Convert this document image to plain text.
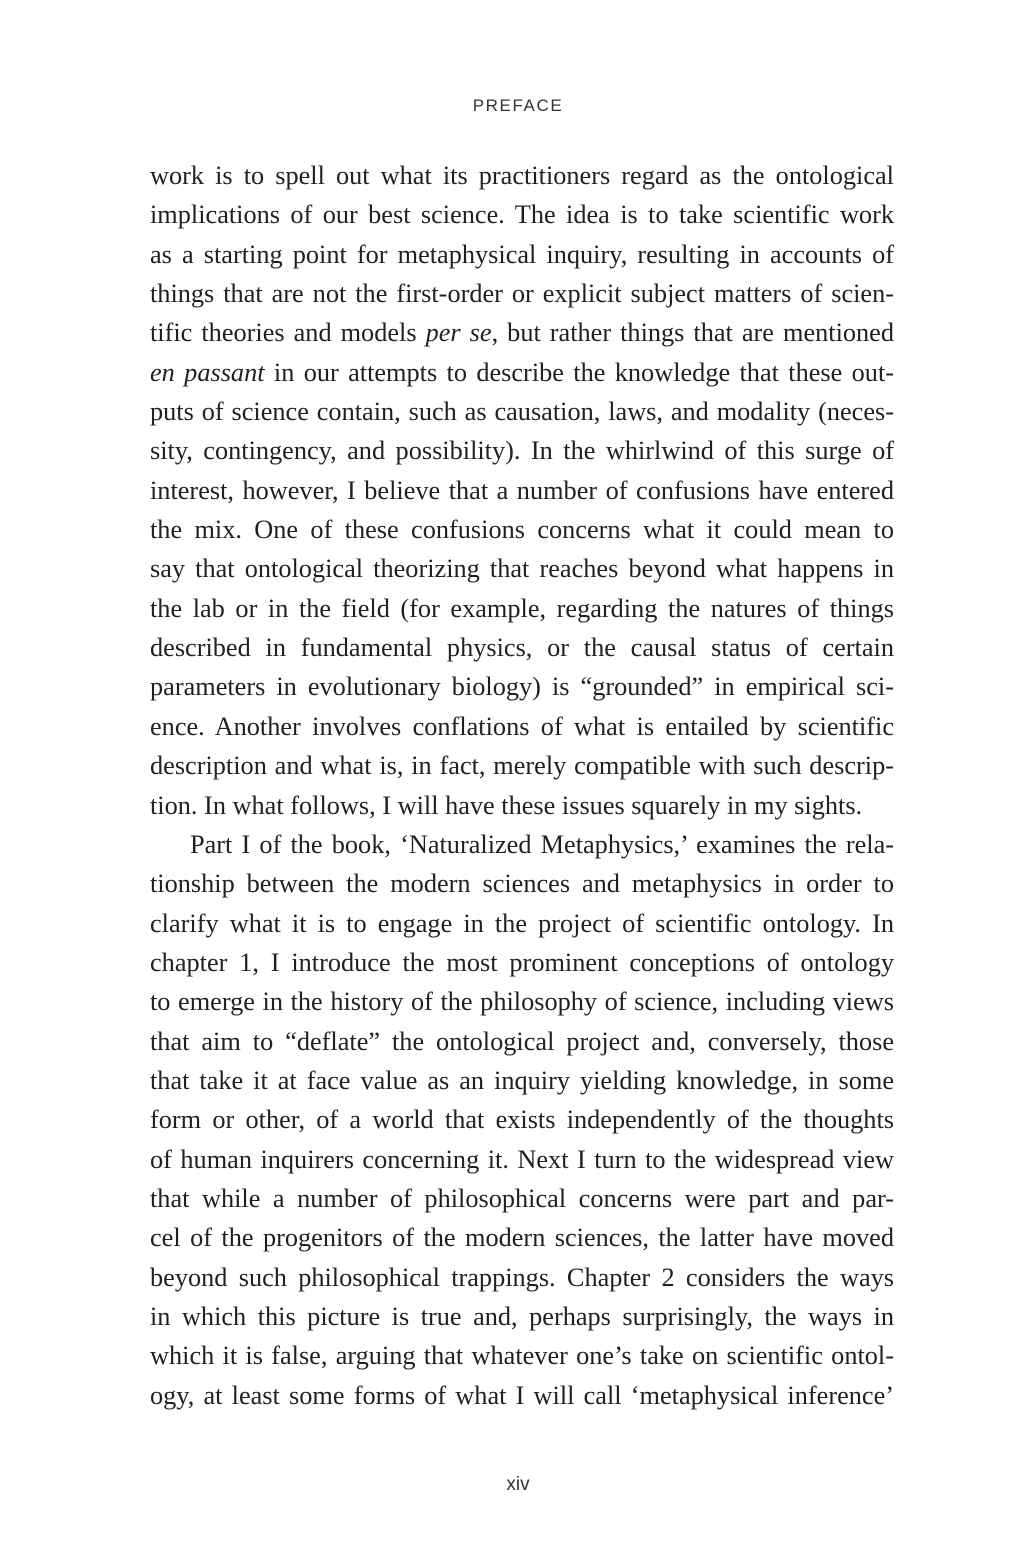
PREFACE
work is to spell out what its practitioners regard as the ontological
implications of our best science. The idea is to take scientific work
as a starting point for metaphysical inquiry, resulting in accounts of
things that are not the first-order or explicit subject matters of scien-
tific theories and models per se, but rather things that are mentioned
en passant in our attempts to describe the knowledge that these out-
puts of science contain, such as causation, laws, and modality (neces-
sity, contingency, and possibility). In the whirlwind of this surge of
interest, however, I believe that a number of confusions have entered
the mix. One of these confusions concerns what it could mean to
say that ontological theorizing that reaches beyond what happens in
the lab or in the field (for example, regarding the natures of things
described in fundamental physics, or the causal status of certain
parameters in evolutionary biology) is “grounded” in empirical sci-
ence. Another involves conflations of what is entailed by scientific
description and what is, in fact, merely compatible with such descrip-
tion. In what follows, I will have these issues squarely in my sights.
Part I of the book, ‘Naturalized Metaphysics,’ examines the rela-
tionship between the modern sciences and metaphysics in order to
clarify what it is to engage in the project of scientific ontology. In
chapter 1, I introduce the most prominent conceptions of ontology
to emerge in the history of the philosophy of science, including views
that aim to “deflate” the ontological project and, conversely, those
that take it at face value as an inquiry yielding knowledge, in some
form or other, of a world that exists independently of the thoughts
of human inquirers concerning it. Next I turn to the widespread view
that while a number of philosophical concerns were part and par-
cel of the progenitors of the modern sciences, the latter have moved
beyond such philosophical trappings. Chapter 2 considers the ways
in which this picture is true and, perhaps surprisingly, the ways in
which it is false, arguing that whatever one’s take on scientific ontol-
ogy, at least some forms of what I will call ‘metaphysical inference’
xiv
